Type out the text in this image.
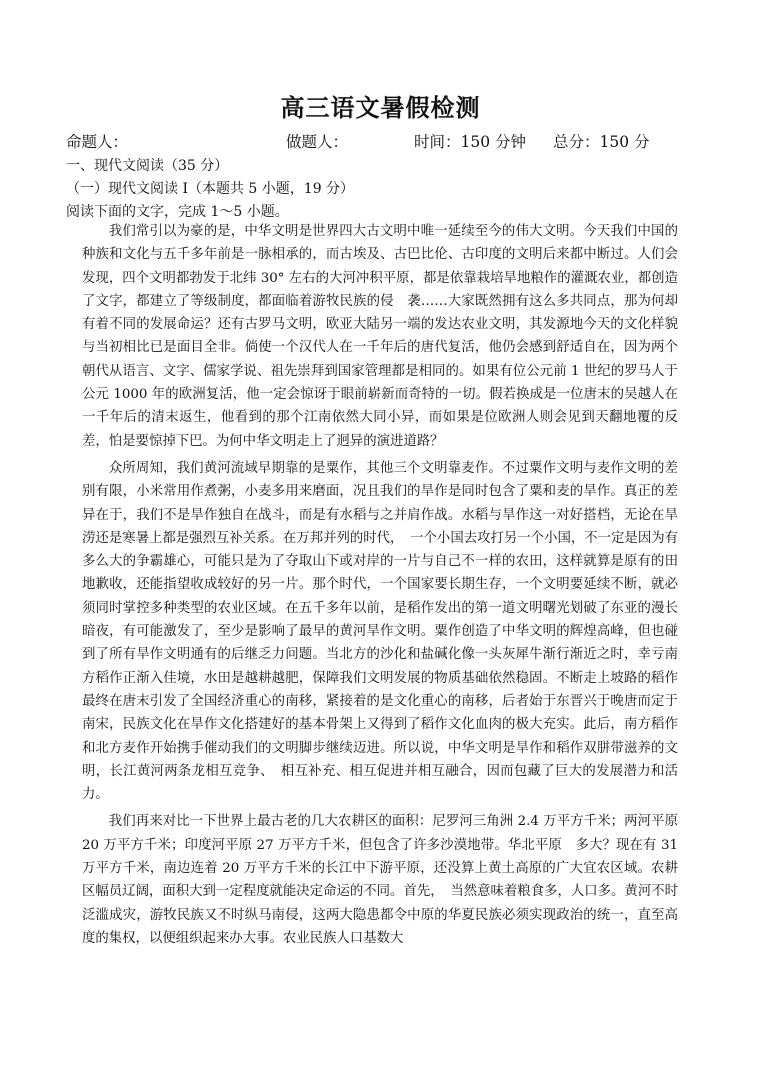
高三语文暑假检测
命题人：	做题人：	时间：150 分钟 总分：150 分
一、现代文阅读（35 分）
（一）现代文阅读 I（本题共 5 小题，19 分）
阅读下面的文字，完成 1～5 小题。

我们常引以为豪的是，中华文明是世界四大古文明中唯一延续至今的伟大文明。今天我们中国的种族和文化与五千多年前是一脉相承的，而古埃及、古巴比伦、古印度的文明后来都中断过。人们会发现，四个文明都勃发于北纬 30° 左右的大河冲积平原，都是依靠栽培旱地粮作的灌溉农业，都创造了文字，都建立了等级制度，都面临着游牧民族的侵　袭……大家既然拥有这么多共同点，那为何却有着不同的发展命运？还有古罗马文明，欧亚大陆另一端的发达农业文明，其发源地今天的文化样貌与当初相比已是面目全非。倘使一个汉代人在一千年后的唐代复活，他仍会感到舒适自在，因为两个朝代从语言、文字、儒家学说、祖先崇拜到国家管理都是相同的。如果有位公元前 1 世纪的罗马人于公元 1000 年的欧洲复活，他一定会惊讶于眼前崭新而奇特的一切。假若换成是一位唐末的吴越人在一千年后的清末返生，他看到的那个江南依然大同小异，而如果是位欧洲人则会见到天翻地覆的反差，怕是要惊掉下巴。为何中华文明走上了迥异的演进道路？

众所周知，我们黄河流域早期靠的是粟作，其他三个文明靠麦作。不过粟作文明与麦作文明的差别有限，小米常用作煮粥，小麦多用来磨面，况且我们的旱作是同时包含了粟和麦的旱作。真正的差异在于，我们不是旱作独自在战斗，而是有水稻与之并肩作战。水稻与旱作这一对好搭档，无论在旱涝还是寒暑上都是强烈互补关系。在万邦并列的时代，　一个小国去攻打另一个小国，不一定是因为有多么大的争霸雄心，可能只是为了夺取山下或对岸的一片与自己不一样的农田，这样就算是原有的田地歉收，还能指望收成较好的另一片。那个时代，一个国家要长期生存，一个文明要延续不断，就必须同时掌控多种类型的农业区域。在五千多年以前，是稻作发出的第一道文明曙光划破了东亚的漫长暗夜，有可能激发了，至少是影响了最早的黄河旱作文明。粟作创造了中华文明的辉煌高峰，但也碰到了所有旱作文明通有的后继乏力问题。当北方的沙化和盐碱化像一头灰犀牛渐行渐近之时，幸亏南方稻作正渐入佳境，水田是越耕越肥，保障我们文明发展的物质基础依然稳固。不断走上坡路的稻作最终在唐末引发了全国经济重心的南移，紧接着的是文化重心的南移，后者始于东晋兴于晚唐而定于南宋，民族文化在旱作文化搭建好的基本骨架上又得到了稻作文化血肉的极大充实。此后，南方稻作和北方麦作开始携手催动我们的文明脚步继续迈进。所以说，中华文明是旱作和稻作双胼带滋养的文明，长江黄河两条龙相互竞争、　相互补充、相互促进并相互融合，因而包藏了巨大的发展潜力和活力。

我们再来对比一下世界上最古老的几大农耕区的面积：尼罗河三角洲 2.4 万平方千米；两河平原 20 万平方千米；印度河平原 27 万平方千米，但包含了许多沙漠地带。华北平原　多大？现在有 31 万平方千米，南边连着 20 万平方千米的长江中下游平原，还没算上黄土高原的广大宜农区域。农耕区幅员辽阔，面积大到一定程度就能决定命运的不同。首先，　当然意味着粮食多，人口多。黄河不时泛滥成灾，游牧民族又不时纵马南侵，这两大隐患都令中原的华夏民族必须实现政治的统一，直至高度的集权，以便组织起来办大事。农业民族人口基数大
